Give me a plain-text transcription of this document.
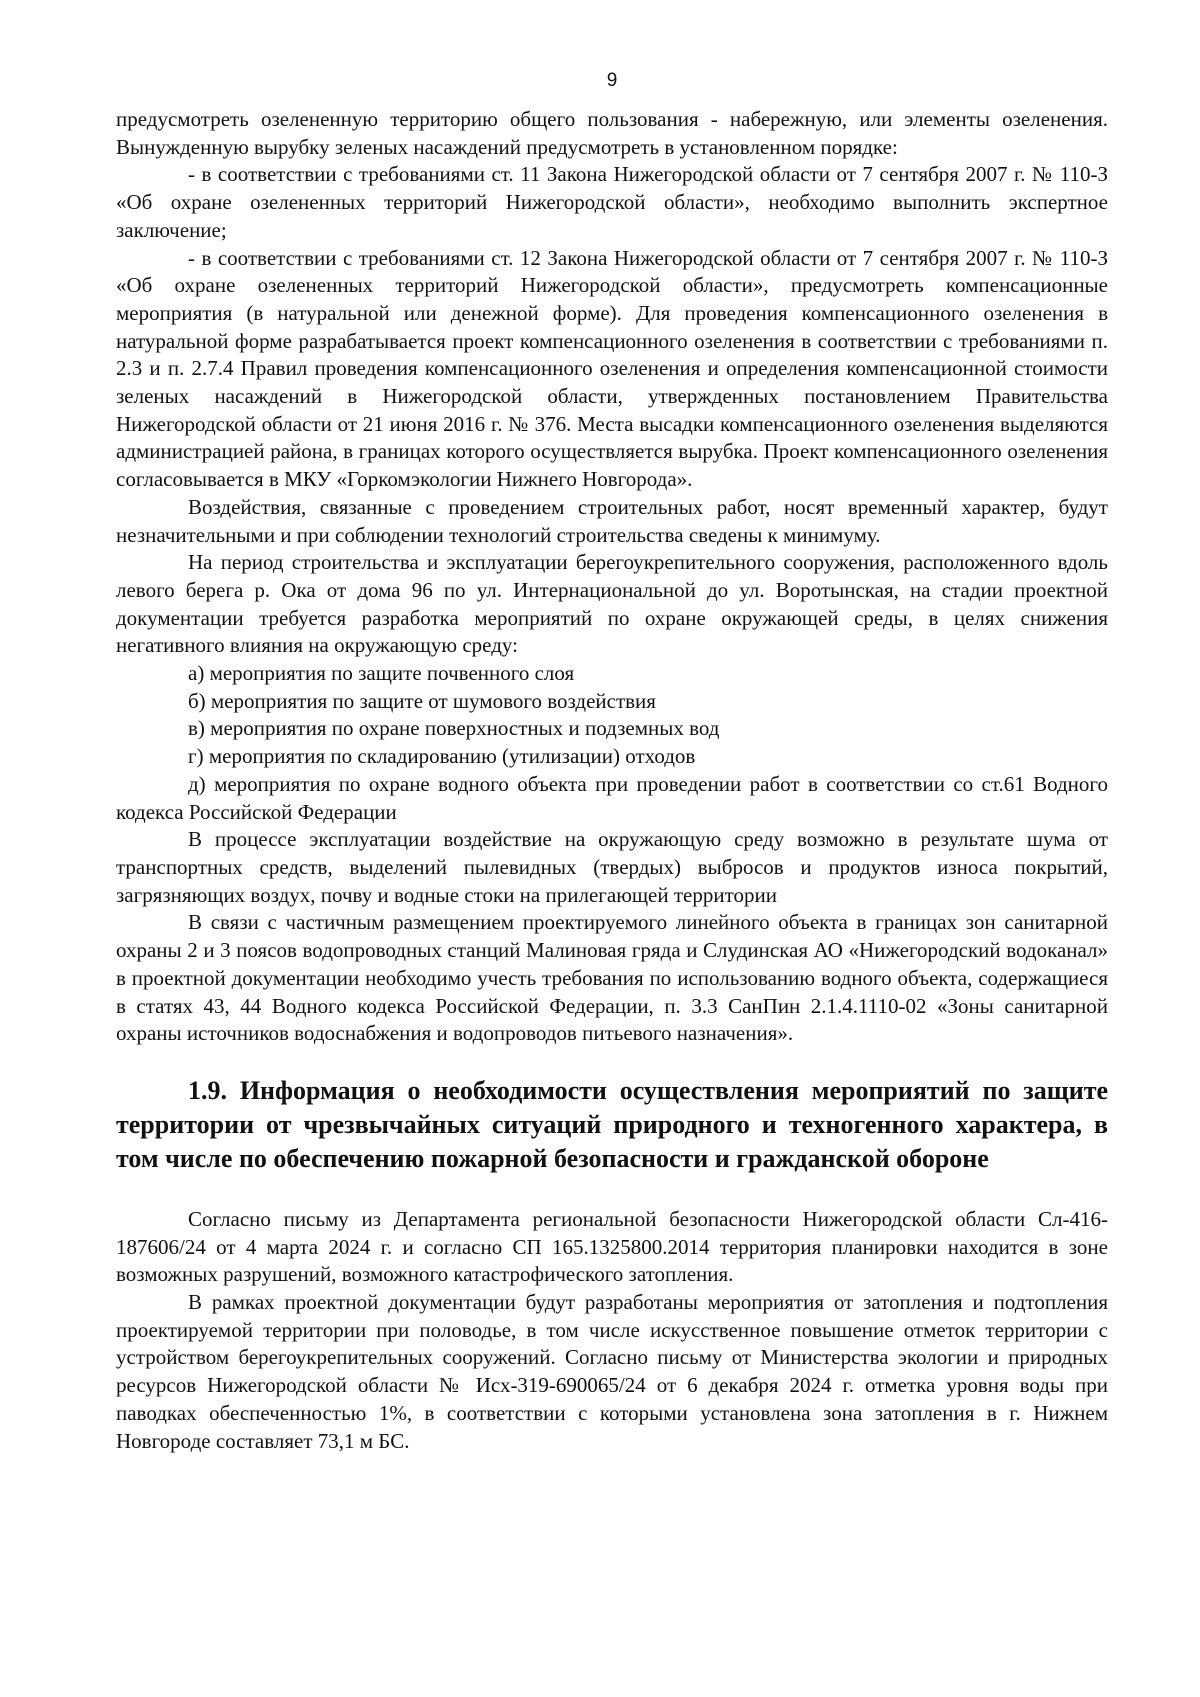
9

предусмотреть озелененную территорию общего пользования - набережную, или элементы озеленения. Вынужденную вырубку зеленых насаждений предусмотреть в установленном порядке:

- в соответствии с требованиями ст. 11 Закона Нижегородской области от 7 сентября 2007 г. № 110-З «Об охране озелененных территорий Нижегородской области», необходимо выполнить экспертное заключение;

- в соответствии с требованиями ст. 12 Закона Нижегородской области от 7 сентября 2007 г. № 110-З «Об охране озелененных территорий Нижегородской области», предусмотреть компенсационные мероприятия (в натуральной или денежной форме). Для проведения компенсационного озеленения в натуральной форме разрабатывается проект компенсационного озеленения в соответствии с требованиями п. 2.3 и п. 2.7.4 Правил проведения компенсационного озеленения и определения компенсационной стоимости зеленых насаждений в Нижегородской области, утвержденных постановлением Правительства Нижегородской области от 21 июня 2016 г. № 376. Места высадки компенсационного озеленения выделяются администрацией района, в границах которого осуществляется вырубка. Проект компенсационного озеленения согласовывается в МКУ «Горкомэкологии Нижнего Новгорода».

Воздействия, связанные с проведением строительных работ, носят временный характер, будут незначительными и при соблюдении технологий строительства сведены к минимуму.

На период строительства и эксплуатации берегоукрепительного сооружения, расположенного вдоль левого берега р. Ока от дома 96 по ул. Интернациональной до ул. Воротынская, на стадии проектной документации требуется разработка мероприятий по охране окружающей среды, в целях снижения негативного влияния на окружающую среду:

а) мероприятия по защите почвенного слоя

б) мероприятия по защите от шумового воздействия

в) мероприятия по охране поверхностных и подземных вод

г) мероприятия по складированию (утилизации) отходов

д) мероприятия по охране водного объекта при проведении работ в соответствии со ст.61 Водного кодекса Российской Федерации

В процессе эксплуатации воздействие на окружающую среду возможно в результате шума от транспортных средств, выделений пылевидных (твердых) выбросов и продуктов износа покрытий, загрязняющих воздух, почву и водные стоки на прилегающей территории

В связи с частичным размещением проектируемого линейного объекта в границах зон санитарной охраны 2 и 3 поясов водопроводных станций Малиновая гряда и Слудинская АО «Нижегородский водоканал» в проектной документации необходимо учесть требования по использованию водного объекта, содержащиеся в статях 43, 44 Водного кодекса Российской Федерации, п. 3.3 СанПин 2.1.4.1110-02 «Зоны санитарной охраны источников водоснабжения и водопроводов питьевого назначения».

1.9. Информация о необходимости осуществления мероприятий по защите территории от чрезвычайных ситуаций природного и техногенного характера, в том числе по обеспечению пожарной безопасности и гражданской обороне

Согласно письму из Департамента региональной безопасности Нижегородской области Сл-416-187606/24 от 4 марта 2024 г. и согласно СП 165.1325800.2014 территория планировки находится в зоне возможных разрушений, возможного катастрофического затопления.

В рамках проектной документации будут разработаны мероприятия от затопления и подтопления проектируемой территории при половодье, в том числе искусственное повышение отметок территории с устройством берегоукрепительных сооружений. Согласно письму от Министерства экологии и природных ресурсов Нижегородской области № Исх-319-690065/24 от 6 декабря 2024 г. отметка уровня воды при паводках обеспеченностью 1%, в соответствии с которыми установлена зона затопления в г. Нижнем Новгороде составляет 73,1 м БС.
